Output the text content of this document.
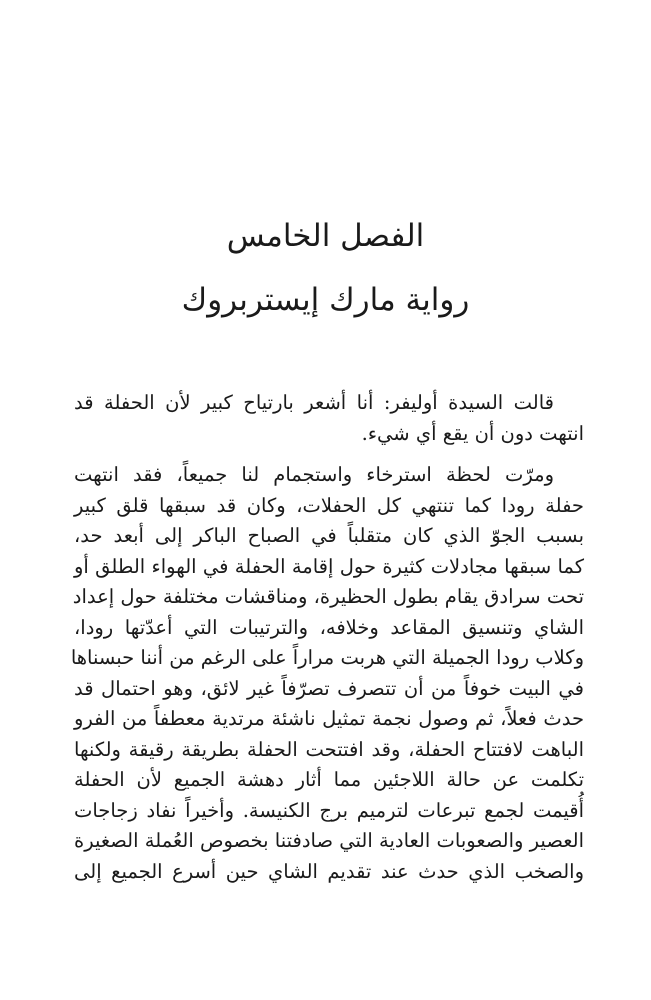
الفصل الخامس
رواية مارك إيستربروك

قالت السيدة أوليفر: أنا أشعر بارتياح كبير لأن الحفلة قد
انتهت دون أن يقع أي شيء.

ومرّت لحظة استرخاء واستجمام لنا جميعاً، فقد انتهت
حفلة رودا كما تنتهي كل الحفلات، وكان قد سبقها قلق كبير
بسبب الجوّ الذي كان متقلباً في الصباح الباكر إلى أبعد حد،
كما سبقها مجادلات كثيرة حول إقامة الحفلة في الهواء الطلق أو
تحت سرادق يقام بطول الحظيرة، ومناقشات مختلفة حول إعداد
الشاي وتنسيق المقاعد وخلافه، والترتيبات التي أعدّتها رودا،
وكلاب رودا الجميلة التي هربت مراراً على الرغم من أننا حبسناها
في البيت خوفاً من أن تتصرف تصرّفاً غير لائق، وهو احتمال قد
حدث فعلاً، ثم وصول نجمة تمثيل ناشئة مرتدية معطفاً من الفرو
الباهت لافتتاح الحفلة، وقد افتتحت الحفلة بطريقة رقيقة ولكنها
تكلمت عن حالة اللاجئين مما أثار دهشة الجميع لأن الحفلة
أُقيمت لجمع تبرعات لترميم برج الكنيسة. وأخيراً نفاد زجاجات
العصير والصعوبات العادية التي صادفتنا بخصوص العُملة الصغيرة
والصخب الذي حدث عند تقديم الشاي حين أسرع الجميع إلى
